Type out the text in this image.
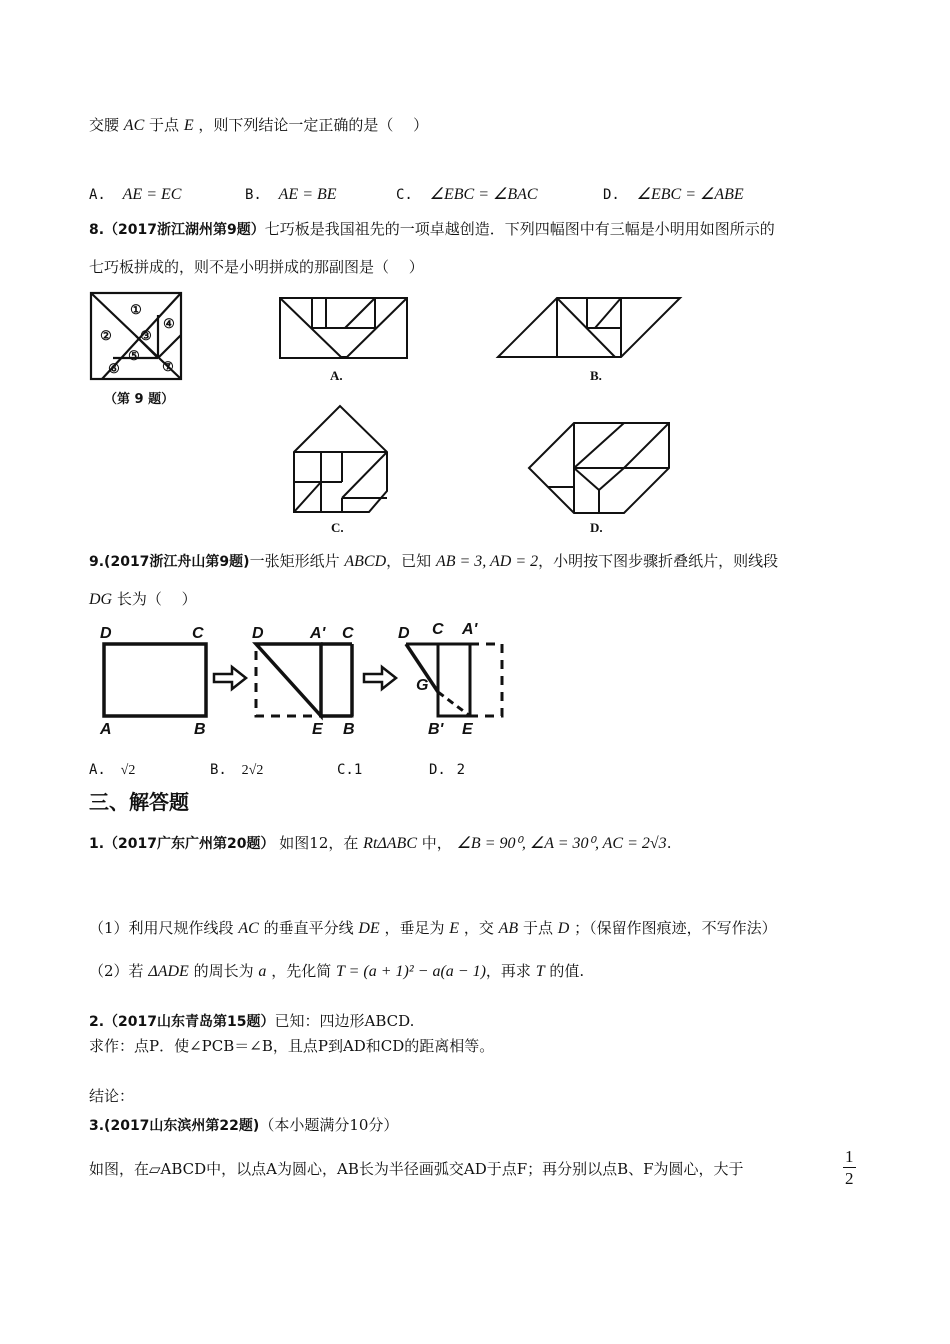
交腰 AC 于点 E ，则下列结论一定正确的是（　 ）
A. AE = EC	B. AE = BE	C. ∠EBC = ∠BAC	D. ∠EBC = ∠ABE
8.（2017浙江湖州第9题）七巧板是我国祖先的一项卓越创造．下列四幅图中有三幅是小明用如图所示的
七巧板拼成的，则不是小明拼成的那副图是（　 ）
①
② ③
④
⑤
⑥	⑦
（第 9 题）
A.	B.
C.	D.
9.(2017浙江舟山第9题)一张矩形纸片 ABCD，已知 AB = 3, AD = 2，小明按下图步骤折叠纸片，则线段
DG 长为（　 ）
D	C
A	B
D	A' C
E B
D C A'
G
B' E
A. √2	B. 2√2	C.1	D. 2
三、解答题
1.（2017广东广州第20题） 如图12，在 RtΔABC 中， ∠B = 90⁰, ∠A = 30⁰, AC = 2√3.
（1）利用尺规作线段 AC 的垂直平分线 DE ，垂足为 E ，交 AB 于点 D ；（保留作图痕迹，不写作法）
（2）若 ΔADE 的周长为 a ，先化简 T = (a + 1)² − a(a − 1)，再求 T 的值.
2.（2017山东青岛第15题）已知：四边形ABCD.
求作：点P．使∠PCB＝∠B，且点P到AD和CD的距离相等。
结论：
3.(2017山东滨州第22题)（本小题满分10分）
如图，在▱ABCD中，以点A为圆心，AB长为半径画弧交AD于点F；再分别以点B、F为圆心，大于	$\frac{1}{2}$
